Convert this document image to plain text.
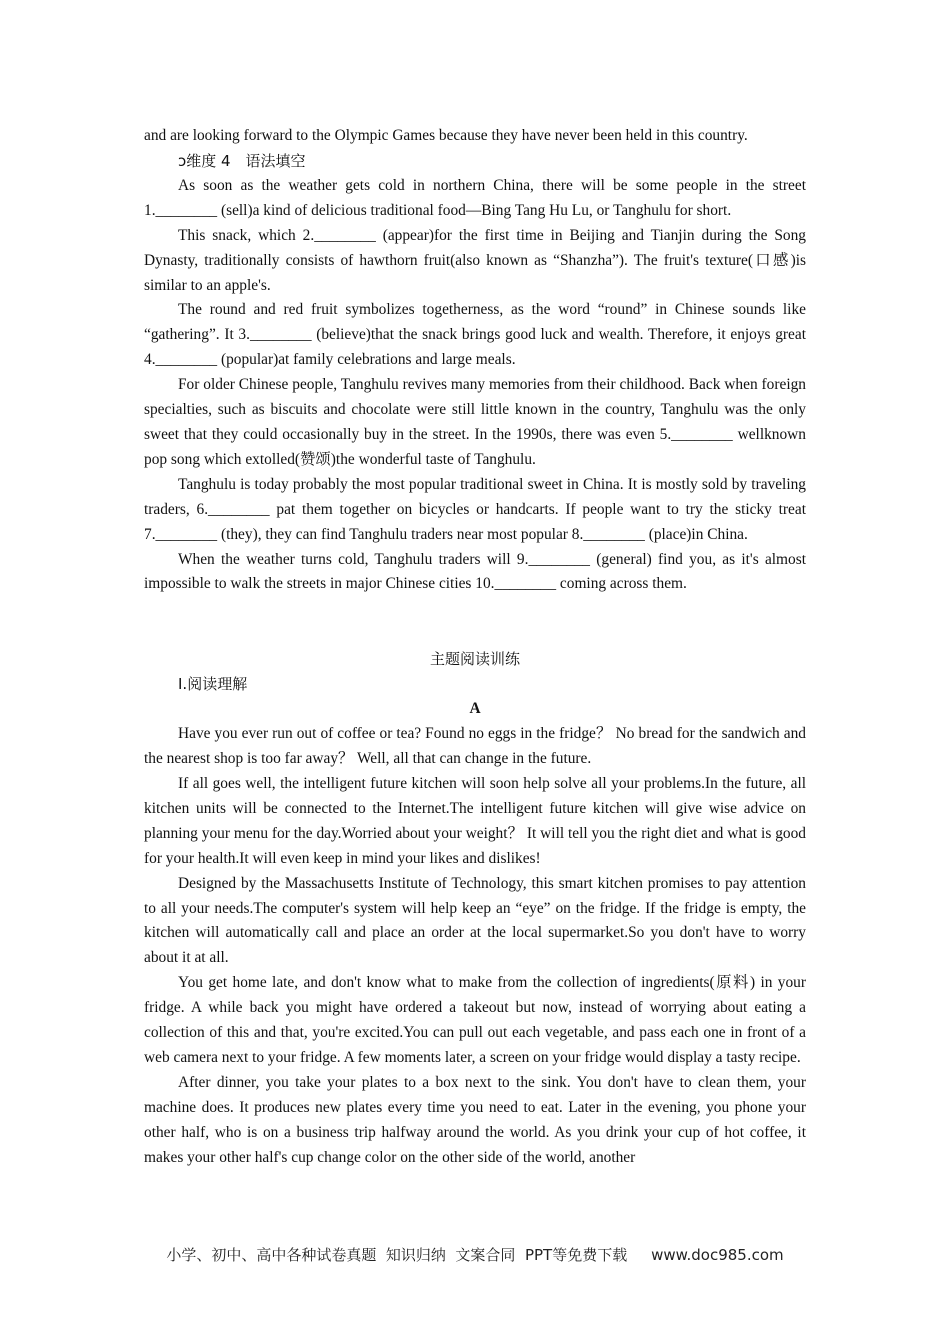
and are looking forward to the Olympic Games because they have never been held in this country.

ↄ维度 4　语法填空

As soon as the weather gets cold in northern China, there will be some people in the street 1.________ (sell)a kind of delicious traditional food—Bing Tang Hu Lu, or Tanghulu for short.

This snack, which 2.________ (appear)for the first time in Beijing and Tianjin during the Song Dynasty, traditionally consists of hawthorn fruit(also known as “Shanzha”). The fruit's texture(口感)is similar to an apple's.

The round and red fruit symbolizes togetherness, as the word “round” in Chinese sounds like “gathering”. It 3.________ (believe)that the snack brings good luck and wealth. Therefore, it enjoys great 4.________ (popular)at family celebrations and large meals.

For older Chinese people, Tanghulu revives many memories from their childhood. Back when foreign specialties, such as biscuits and chocolate were still little known in the country, Tanghulu was the only sweet that they could occasionally buy in the street. In the 1990s, there was even 5.________ wellknown pop song which extolled(赞颂)the wonderful taste of Tanghulu.

Tanghulu is today probably the most popular traditional sweet in China. It is mostly sold by traveling traders, 6.________ pat them together on bicycles or handcarts. If people want to try the sticky treat 7.________ (they), they can find Tanghulu traders near most popular 8.________ (place)in China.

When the weather turns cold, Tanghulu traders will 9.________ (general) find you, as it's almost impossible to walk the streets in major Chinese cities 10.________ coming across them.

主题阅读训练

Ⅰ.阅读理解

A

Have you ever run out of coffee or tea? Found no eggs in the fridge？ No bread for the sandwich and the nearest shop is too far away？ Well, all that can change in the future.

If all goes well, the intelligent future kitchen will soon help solve all your problems.In the future, all kitchen units will be connected to the Internet.The intelligent future kitchen will give wise advice on planning your menu for the day.Worried about your weight？ It will tell you the right diet and what is good for your health.It will even keep in mind your likes and dislikes!

Designed by the Massachusetts Institute of Technology, this smart kitchen promises to pay attention to all your needs.The computer's system will help keep an “eye” on the fridge. If the fridge is empty, the kitchen will automatically call and place an order at the local supermarket.So you don't have to worry about it at all.

You get home late, and don't know what to make from the collection of ingredients(原料) in your fridge. A while back you might have ordered a takeout but now, instead of worrying about eating a collection of this and that, you're excited.You can pull out each vegetable, and pass each one in front of a web camera next to your fridge. A few moments later, a screen on your fridge would display a tasty recipe.

After dinner, you take your plates to a box next to the sink. You don't have to clean them, your machine does. It produces new plates every time you need to eat. Later in the evening, you phone your other half, who is on a business trip halfway around the world. As you drink your cup of hot coffee, it makes your other half's cup change color on the other side of the world, another

小学、初中、高中各种试卷真题  知识归纳  文案合同  PPT等免费下载     www.doc985.com
